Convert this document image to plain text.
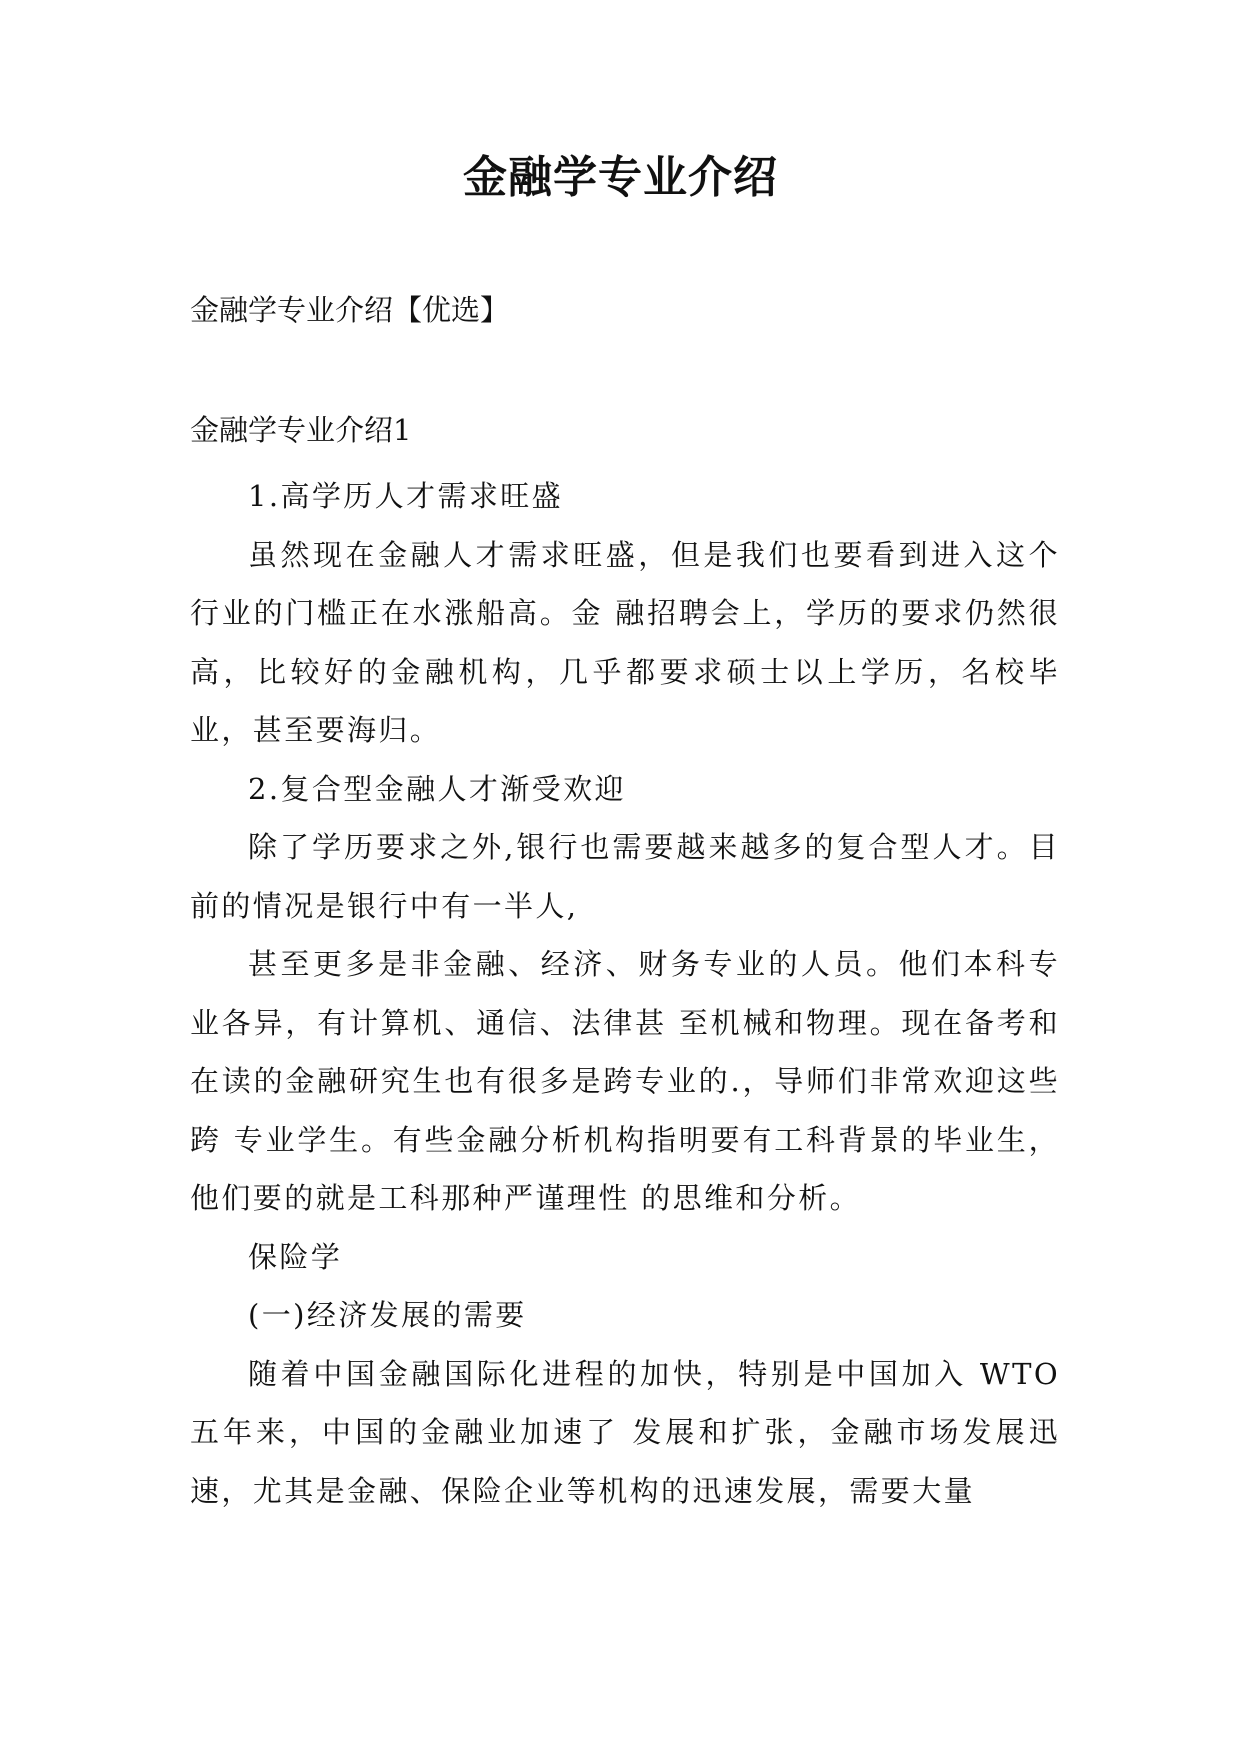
金融学专业介绍
金融学专业介绍【优选】
金融学专业介绍1

1.高学历人才需求旺盛

虽然现在金融人才需求旺盛，但是我们也要看到进入这个行业的门槛正在水涨船高。金 融招聘会上，学历的要求仍然很高，比较好的金融机构，几乎都要求硕士以上学历，名校毕 业，甚至要海归。

2.复合型金融人才渐受欢迎

除了学历要求之外,银行也需要越来越多的复合型人才。目前的情况是银行中有一半人,

甚至更多是非金融、经济、财务专业的人员。他们本科专业各异，有计算机、通信、法律甚 至机械和物理。现在备考和在读的金融研究生也有很多是跨专业的.，导师们非常欢迎这些跨 专业学生。有些金融分析机构指明要有工科背景的毕业生，他们要的就是工科那种严谨理性 的思维和分析。

保险学

(一)经济发展的需要

随着中国金融国际化进程的加快，特别是中国加入 WTO五年来，中国的金融业加速了 发展和扩张，金融市场发展迅速，尤其是金融、保险企业等机构的迅速发展，需要大量
